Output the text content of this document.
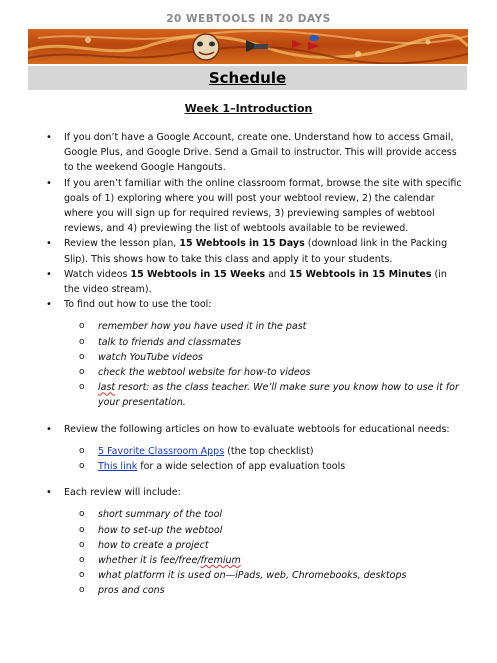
20 WEBTOOLS IN 20 DAYS
Schedule
Week 1–Introduction
• If you don’t have a Google Account, create one. Understand how to access Gmail, Google Plus, and Google Drive. Send a Gmail to instructor. This will provide access to the weekend Google Hangouts.
• If you aren’t familiar with the online classroom format, browse the site with specific goals of 1) exploring where you will post your webtool review, 2) the calendar where you will sign up for required reviews, 3) previewing samples of webtool reviews, and 4) previewing the list of webtools available to be reviewed.
• Review the lesson plan, 15 Webtools in 15 Days (download link in the Packing Slip). This shows how to take this class and apply it to your students.
• Watch videos 15 Webtools in 15 Weeks and 15 Webtools in 15 Minutes (in the video stream).
• To find out how to use the tool:
o remember how you have used it in the past
o talk to friends and classmates
o watch YouTube videos
o check the webtool website for how-to videos
o last resort: as the class teacher. We’ll make sure you know how to use it for your presentation.
• Review the following articles on how to evaluate webtools for educational needs:
o 5 Favorite Classroom Apps (the top checklist)
o This link for a wide selection of app evaluation tools
• Each review will include:
o short summary of the tool
o how to set-up the webtool
o how to create a project
o whether it is fee/free/fremium
o what platform it is used on—iPads, web, Chromebooks, desktops
o pros and cons
